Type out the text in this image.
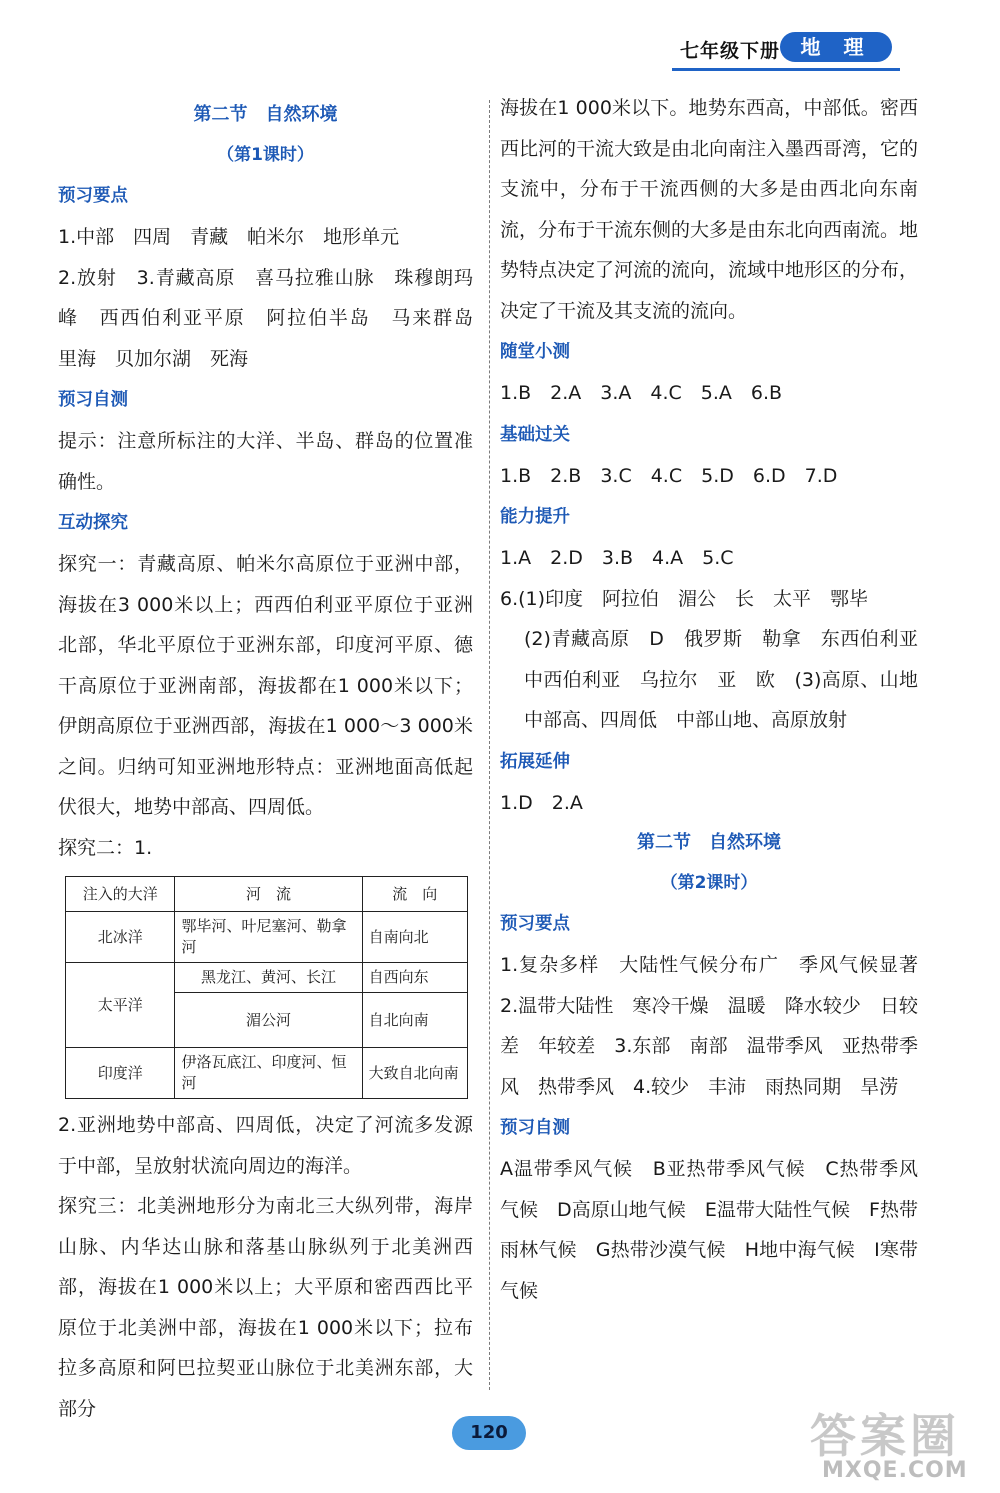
七年级下册	地 理
第二节　自然环境
（第1课时）
预习要点
1.中部　四周　青藏　帕米尔　地形单元
2.放射　3.青藏高原　喜马拉雅山脉　珠穆朗玛峰　西西伯利亚平原　阿拉伯半岛　马来群岛　里海　贝加尔湖　死海
预习自测
提示：注意所标注的大洋、半岛、群岛的位置准确性。
互动探究
探究一：青藏高原、帕米尔高原位于亚洲中部，海拔在3 000米以上；西西伯利亚平原位于亚洲北部，华北平原位于亚洲东部，印度河平原、德干高原位于亚洲南部，海拔都在1 000米以下；伊朗高原位于亚洲西部，海拔在1 000～3 000米之间。归纳可知亚洲地形特点：亚洲地面高低起伏很大，地势中部高、四周低。
探究二：1.
注入的大洋	河　流	流　向
北冰洋	鄂毕河、叶尼塞河、勒拿河	自南向北
太平洋	黑龙江、黄河、长江	自西向东
	湄公河	自北向南
印度洋	伊洛瓦底江、印度河、恒河	大致自北向南
2.亚洲地势中部高、四周低，决定了河流多发源于中部，呈放射状流向周边的海洋。
探究三：北美洲地形分为南北三大纵列带，海岸山脉、内华达山脉和落基山脉纵列于北美洲西部，海拔在1 000米以上；大平原和密西西比平原位于北美洲中部，海拔在1 000米以下；拉布拉多高原和阿巴拉契亚山脉位于北美洲东部，大部分
海拔在1 000米以下。地势东西高，中部低。密西西比河的干流大致是由北向南注入墨西哥湾，它的支流中，分布于干流西侧的大多是由西北向东南流，分布于干流东侧的大多是由东北向西南流。地势特点决定了河流的流向，流域中地形区的分布，决定了干流及其支流的流向。
随堂小测
1.B　2.A　3.A　4.C　5.A　6.B
基础过关
1.B　2.B　3.C　4.C　5.D　6.D　7.D
能力提升
1.A　2.D　3.B　4.A　5.C
6.(1)印度　阿拉伯　湄公　长　太平　鄂毕
(2)青藏高原　D　俄罗斯　勒拿　东西伯利亚　中西伯利亚　乌拉尔　亚　欧　(3)高原、山地　中部高、四周低　中部山地、高原放射
拓展延伸
1.D　2.A
第二节　自然环境
（第2课时）
预习要点
1.复杂多样　大陆性气候分布广　季风气候显著　2.温带大陆性　寒冷干燥　温暖　降水较少　日较差　年较差　3.东部　南部　温带季风　亚热带季风　热带季风　4.较少　丰沛　雨热同期　旱涝
预习自测
A温带季风气候　B亚热带季风气候　C热带季风气候　D高原山地气候　E温带大陆性气候　F热带雨林气候　G热带沙漠气候　H地中海气候　I寒带气候
120	答案圈
MXQE.COM
